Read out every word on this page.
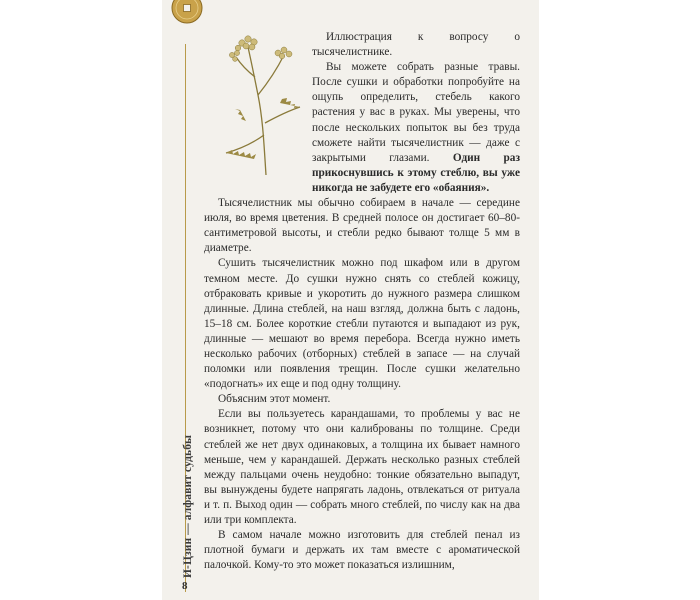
И-Цзин — алфавит судьбы
8

Иллюстрация к вопросу о тысячелистнике.

Вы можете собрать разные травы. После сушки и обработки попробуйте на ощупь определить, стебель какого растения у вас в руках. Мы уверены, что после нескольких попыток вы без труда сможете найти тысячелистник — даже с закрытыми глазами. Один раз прикоснувшись к этому стеблю, вы уже никогда не забудете его «обаяния».

Тысячелистник мы обычно собираем в начале — середине июля, во время цветения. В средней полосе он достигает 60–80-сантиметровой высоты, и стебли редко бывают толще 5 мм в диаметре.

Сушить тысячелистник можно под шкафом или в другом темном месте. До сушки нужно снять со стеблей кожицу, отбраковать кривые и укоротить до нужного размера слишком длинные. Длина стеблей, на наш взгляд, должна быть с ладонь, 15–18 см. Более короткие стебли путаются и выпадают из рук, длинные — мешают во время перебора. Всегда нужно иметь несколько рабочих (отборных) стеблей в запасе — на случай поломки или появления трещин. После сушки желательно «подогнать» их еще и под одну толщину.

Объясним этот момент.

Если вы пользуетесь карандашами, то проблемы у вас не возникнет, потому что они калиброваны по толщине. Среди стеблей же нет двух одинаковых, а толщина их бывает намного меньше, чем у карандашей. Держать несколько разных стеблей между пальцами очень неудобно: тонкие обязательно выпадут, вы вынуждены будете напрягать ладонь, отвлекаться от ритуала и т. п. Выход один — собрать много стеблей, по числу как на два или три комплекта.

В самом начале можно изготовить для стеблей пенал из плотной бумаги и держать их там вместе с ароматической палочкой. Кому-то это может показаться излишним,
